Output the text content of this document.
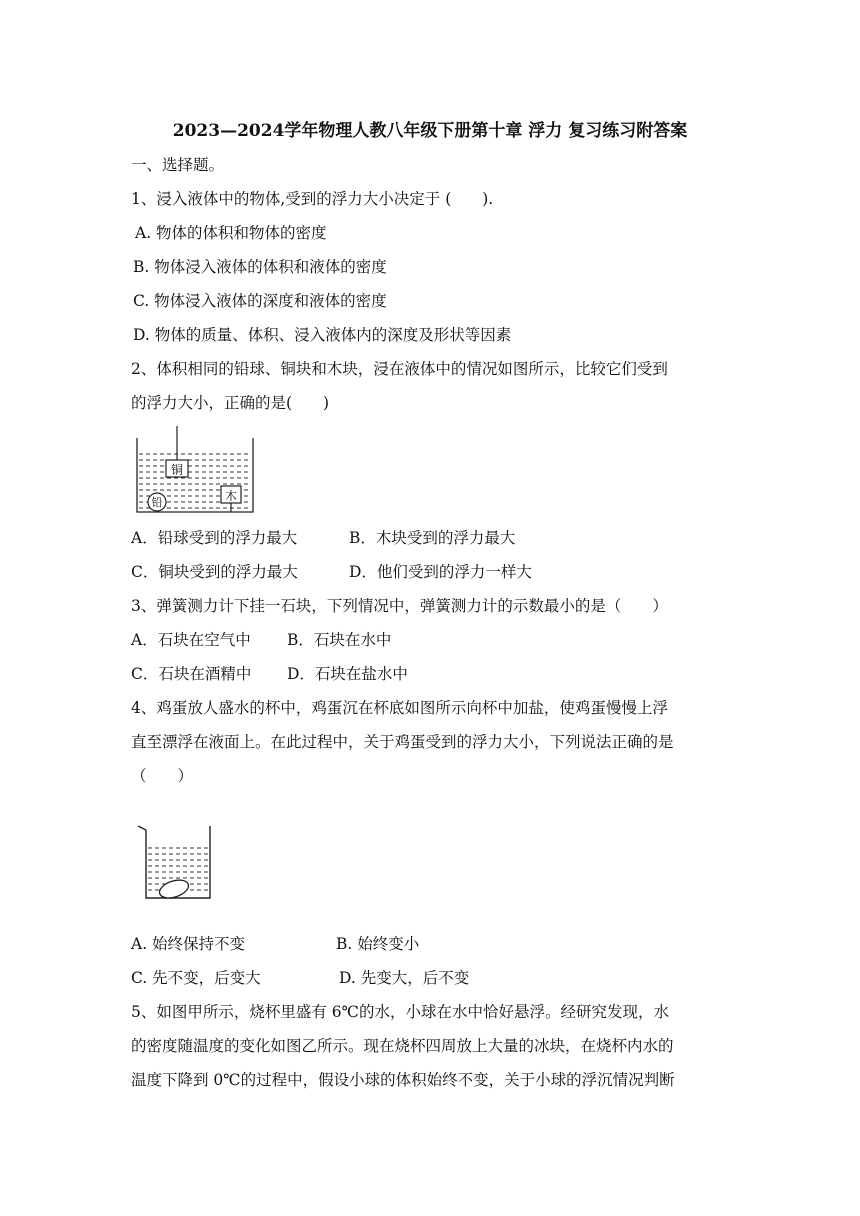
2023—2024学年物理人教八年级下册第十章 浮力 复习练习附答案
一、选择题。
1、浸入液体中的物体,受到的浮力大小决定于 (　　).
A. 物体的体积和物体的密度
B. 物体浸入液体的体积和液体的密度
C. 物体浸入液体的深度和液体的密度
D. 物体的质量、体积、浸入液体内的深度及形状等因素
2、体积相同的铅球、铜块和木块，浸在液体中的情况如图所示，比较它们受到
的浮力大小，正确的是(　　)
铜
木
铅
A．铅球受到的浮力最大	B．木块受到的浮力最大
C．铜块受到的浮力最大	D．他们受到的浮力一样大
3、弹簧测力计下挂一石块，下列情况中，弹簧测力计的示数最小的是（　　）
A．石块在空气中 B．石块在水中
C．石块在酒精中 D．石块在盐水中
4、鸡蛋放人盛水的杯中，鸡蛋沉在杯底如图所示向杯中加盐，使鸡蛋慢慢上浮
直至漂浮在液面上。在此过程中，关于鸡蛋受到的浮力大小，下列说法正确的是
（　　）
A. 始终保持不变	B. 始终变小
C. 先不变，后变大	D. 先变大，后不变
5、如图甲所示，烧杯里盛有 6℃的水，小球在水中恰好悬浮。经研究发现，水
的密度随温度的变化如图乙所示。现在烧杯四周放上大量的冰块，在烧杯内水的
温度下降到 0℃的过程中，假设小球的体积始终不变，关于小球的浮沉情况判断
